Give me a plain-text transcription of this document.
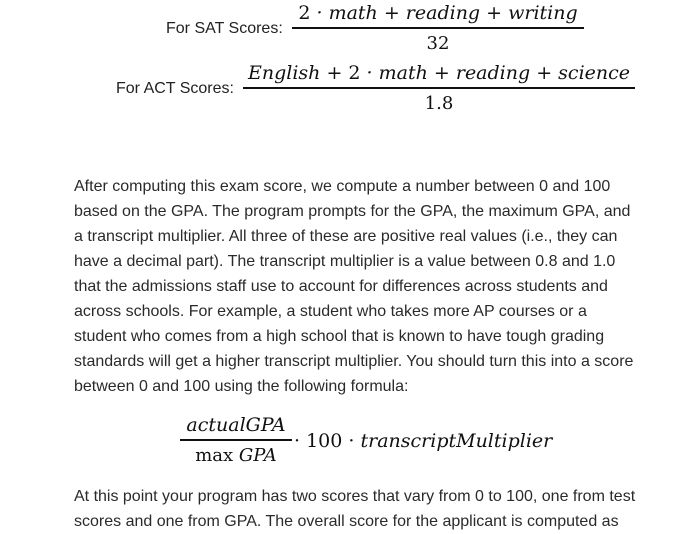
For SAT Scores:
2 · math + reading + writing
32
For ACT Scores:
English + 2 · math + reading + science
1.8
After computing this exam score, we compute a number between 0 and 100
based on the GPA. The program prompts for the GPA, the maximum GPA, and
a transcript multiplier. All three of these are positive real values (i.e., they can
have a decimal part). The transcript multiplier is a value between 0.8 and 1.0
that the admissions staff use to account for differences across students and
across schools. For example, a student who takes more AP courses or a
student who comes from a high school that is known to have tough grading
standards will get a higher transcript multiplier. You should turn this into a score
between 0 and 100 using the following formula:
actualGPA
max GPA
· 100 · transcriptMultiplier
At this point your program has two scores that vary from 0 to 100, one from test
scores and one from GPA. The overall score for the applicant is computed as
